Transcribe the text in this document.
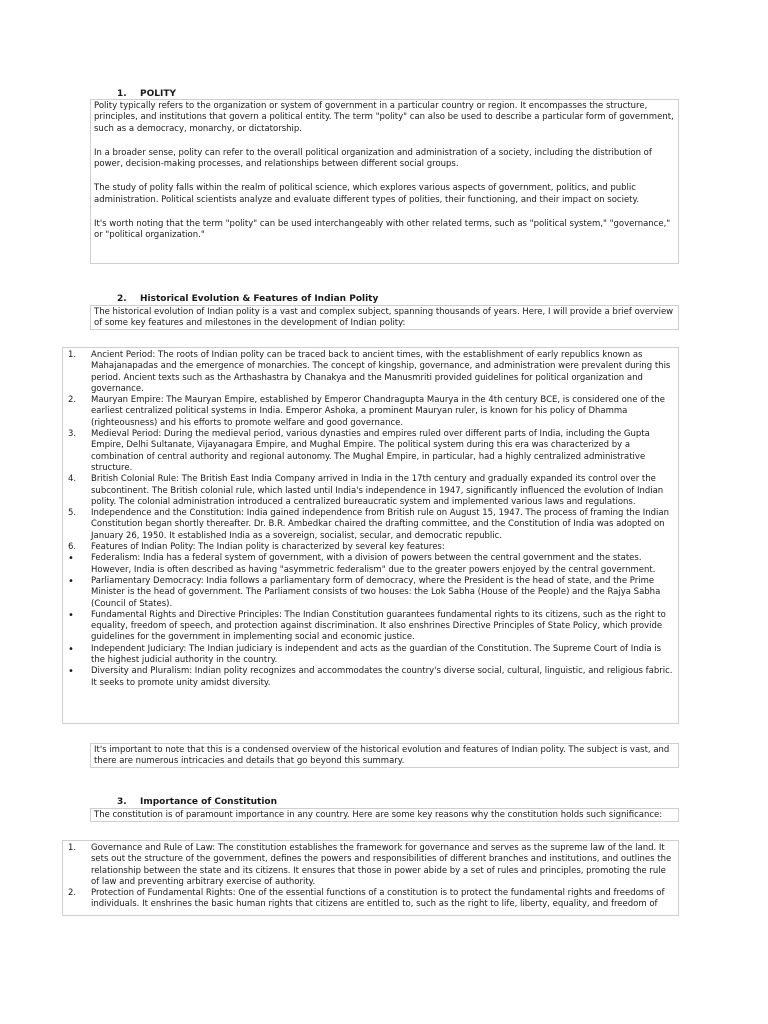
1. POLITY

Polity typically refers to the organization or system of government in a particular country or region. It encompasses the structure, principles, and institutions that govern a political entity. The term "polity" can also be used to describe a particular form of government, such as a democracy, monarchy, or dictatorship.

In a broader sense, polity can refer to the overall political organization and administration of a society, including the distribution of power, decision-making processes, and relationships between different social groups.

The study of polity falls within the realm of political science, which explores various aspects of government, politics, and public administration. Political scientists analyze and evaluate different types of polities, their functioning, and their impact on society.

It's worth noting that the term "polity" can be used interchangeably with other related terms, such as "political system," "governance," or "political organization."

2. Historical Evolution & Features of Indian Polity

The historical evolution of Indian polity is a vast and complex subject, spanning thousands of years. Here, I will provide a brief overview of some key features and milestones in the development of Indian polity:

1.	Ancient Period: The roots of Indian polity can be traced back to ancient times, with the establishment of early republics known as Mahajanapadas and the emergence of monarchies. The concept of kingship, governance, and administration were prevalent during this period. Ancient texts such as the Arthashastra by Chanakya and the Manusmriti provided guidelines for political organization and governance.
2.	Mauryan Empire: The Mauryan Empire, established by Emperor Chandragupta Maurya in the 4th century BCE, is considered one of the earliest centralized political systems in India. Emperor Ashoka, a prominent Mauryan ruler, is known for his policy of Dhamma (righteousness) and his efforts to promote welfare and good governance.
3.	Medieval Period: During the medieval period, various dynasties and empires ruled over different parts of India, including the Gupta Empire, Delhi Sultanate, Vijayanagara Empire, and Mughal Empire. The political system during this era was characterized by a combination of central authority and regional autonomy. The Mughal Empire, in particular, had a highly centralized administrative structure.
4.	British Colonial Rule: The British East India Company arrived in India in the 17th century and gradually expanded its control over the subcontinent. The British colonial rule, which lasted until India's independence in 1947, significantly influenced the evolution of Indian polity. The colonial administration introduced a centralized bureaucratic system and implemented various laws and regulations.
5.	Independence and the Constitution: India gained independence from British rule on August 15, 1947. The process of framing the Indian Constitution began shortly thereafter. Dr. B.R. Ambedkar chaired the drafting committee, and the Constitution of India was adopted on January 26, 1950. It established India as a sovereign, socialist, secular, and democratic republic.
6.	Features of Indian Polity: The Indian polity is characterized by several key features:
•	Federalism: India has a federal system of government, with a division of powers between the central government and the states. However, India is often described as having "asymmetric federalism" due to the greater powers enjoyed by the central government.
•	Parliamentary Democracy: India follows a parliamentary form of democracy, where the President is the head of state, and the Prime Minister is the head of government. The Parliament consists of two houses: the Lok Sabha (House of the People) and the Rajya Sabha (Council of States).
•	Fundamental Rights and Directive Principles: The Indian Constitution guarantees fundamental rights to its citizens, such as the right to equality, freedom of speech, and protection against discrimination. It also enshrines Directive Principles of State Policy, which provide guidelines for the government in implementing social and economic justice.
•	Independent Judiciary: The Indian judiciary is independent and acts as the guardian of the Constitution. The Supreme Court of India is the highest judicial authority in the country.
•	Diversity and Pluralism: Indian polity recognizes and accommodates the country's diverse social, cultural, linguistic, and religious fabric. It seeks to promote unity amidst diversity.

It's important to note that this is a condensed overview of the historical evolution and features of Indian polity. The subject is vast, and there are numerous intricacies and details that go beyond this summary.

3. Importance of Constitution

The constitution is of paramount importance in any country. Here are some key reasons why the constitution holds such significance:

1.	Governance and Rule of Law: The constitution establishes the framework for governance and serves as the supreme law of the land. It sets out the structure of the government, defines the powers and responsibilities of different branches and institutions, and outlines the relationship between the state and its citizens. It ensures that those in power abide by a set of rules and principles, promoting the rule of law and preventing arbitrary exercise of authority.
2.	Protection of Fundamental Rights: One of the essential functions of a constitution is to protect the fundamental rights and freedoms of individuals. It enshrines the basic human rights that citizens are entitled to, such as the right to life, liberty, equality, and freedom of
